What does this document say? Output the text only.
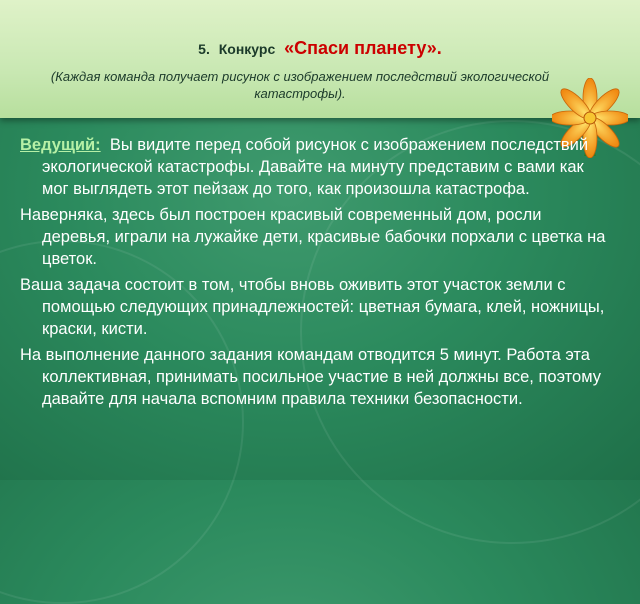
5. Конкурс «Спаси планету».
(Каждая команда получает рисунок с изображением последствий экологической катастрофы).

Ведущий: Вы видите перед собой рисунок с изображением последствий экологической катастрофы. Давайте на минуту представим с вами как мог выглядеть этот пейзаж до того, как произошла катастрофа.

Наверняка, здесь был построен красивый современный дом, росли деревья, играли на лужайке дети, красивые бабочки порхали с цветка на цветок.

Ваша задача состоит в том, чтобы вновь оживить этот участок земли с помощью следующих принадлежностей: цветная бумага, клей, ножницы, краски, кисти.

На выполнение данного задания командам отводится 5 минут. Работа эта коллективная, принимать посильное участие в ней должны все, поэтому давайте для начала вспомним правила техники безопасности.
